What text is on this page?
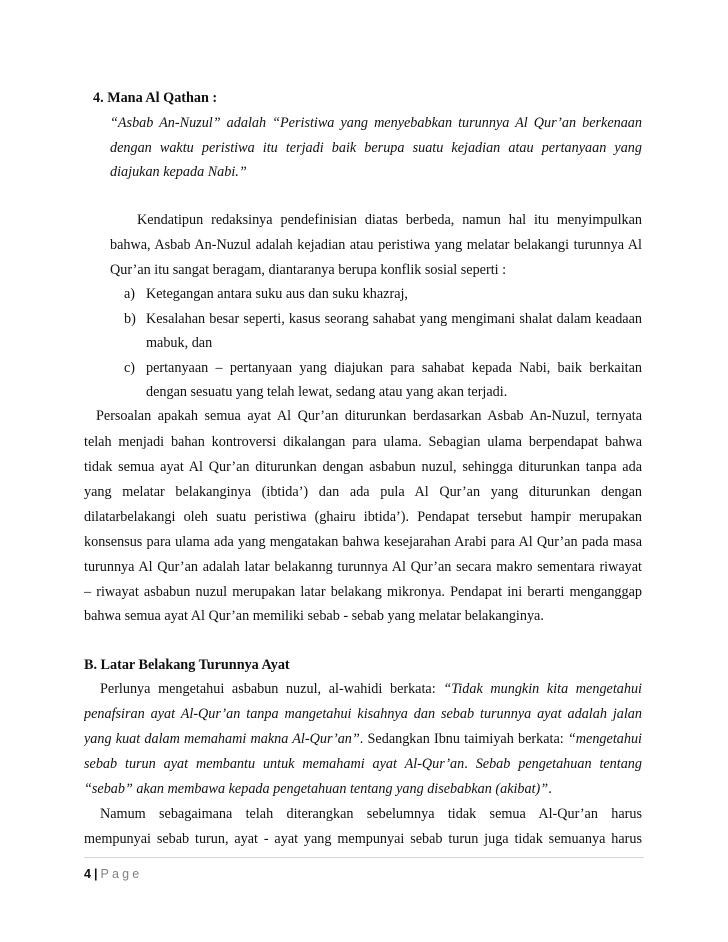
4. Mana Al Qathan :
“Asbab An-Nuzul” adalah “Peristiwa yang menyebabkan turunnya Al Qur’an berkenaan
dengan waktu peristiwa itu terjadi baik berupa suatu kejadian atau pertanyaan yang
diajukan kepada Nabi.”
Kendatipun redaksinya pendefinisian diatas berbeda, namun hal itu menyimpulkan
bahwa, Asbab An-Nuzul adalah kejadian atau peristiwa yang melatar belakangi turunnya Al
Qur’an itu sangat beragam, diantaranya berupa konflik sosial seperti :
a) Ketegangan antara suku aus dan suku khazraj,
b) Kesalahan besar seperti, kasus seorang sahabat yang mengimani shalat dalam keadaan
mabuk, dan
c) pertanyaan – pertanyaan yang diajukan para sahabat kepada Nabi, baik berkaitan
dengan sesuatu yang telah lewat, sedang atau yang akan terjadi.
Persoalan apakah semua ayat Al Qur’an diturunkan berdasarkan Asbab An-Nuzul, ternyata
telah menjadi bahan kontroversi dikalangan para ulama. Sebagian ulama berpendapat bahwa
tidak semua ayat Al Qur’an diturunkan dengan asbabun nuzul, sehingga diturunkan tanpa ada
yang melatar belakanginya (ibtida’) dan ada pula Al Qur’an yang diturunkan dengan
dilatarbelakangi oleh suatu peristiwa (ghairu ibtida’). Pendapat tersebut hampir merupakan
konsensus para ulama ada yang mengatakan bahwa kesejarahan Arabi para Al Qur’an pada masa
turunnya Al Qur’an adalah latar belakanng turunnya Al Qur’an secara makro sementara riwayat
– riwayat asbabun nuzul merupakan latar belakang mikronya. Pendapat ini berarti menganggap
bahwa semua ayat Al Qur’an memiliki sebab - sebab yang melatar belakanginya.
B. Latar Belakang Turunnya Ayat
Perlunya mengetahui asbabun nuzul, al-wahidi berkata: “Tidak mungkin kita mengetahui
penafsiran ayat Al-Qur’an tanpa mangetahui kisahnya dan sebab turunnya ayat adalah jalan
yang kuat dalam memahami makna Al-Qur’an”. Sedangkan Ibnu taimiyah berkata: “mengetahui
sebab turun ayat membantu untuk memahami ayat Al-Qur’an. Sebab pengetahuan tentang
“sebab” akan membawa kepada pengetahuan tentang yang disebabkan (akibat)”.
Namum sebagaimana telah diterangkan sebelumnya tidak semua Al-Qur’an harus
mempunyai sebab turun, ayat - ayat yang mempunyai sebab turun juga tidak semuanya harus
4 | Page
